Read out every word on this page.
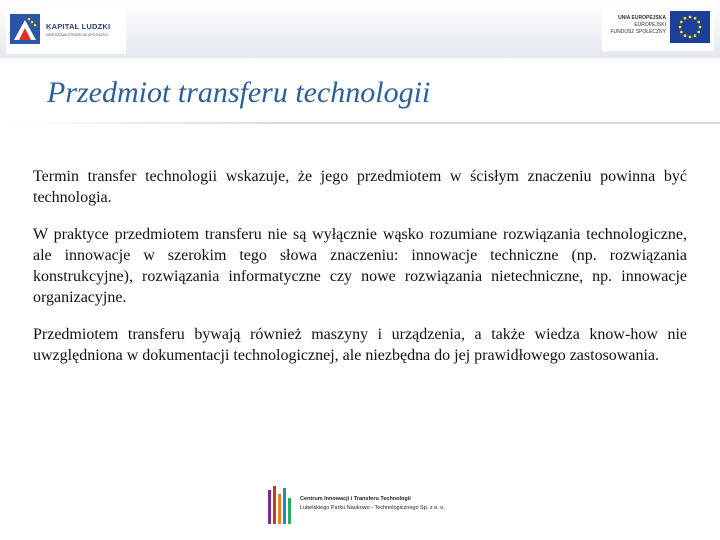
KAPITAŁ LUDZKI
NARODOWA STRATEGIA SPÓJNOŚCI
UNIA EUROPEJSKA
EUROPEJSKI
FUNDUSZ SPOŁECZNY
Przedmiot transferu technologii

Termin transfer technologii wskazuje, że jego przedmiotem w ścisłym znaczeniu powinna być technologia.

W praktyce przedmiotem transferu nie są wyłącznie wąsko rozumiane rozwiązania technologiczne, ale innowacje w szerokim tego słowa znaczeniu: innowacje techniczne (np. rozwiązania konstrukcyjne), rozwiązania informatyczne czy nowe rozwiązania nietechniczne, np. innowacje organizacyjne.

Przedmiotem transferu bywają również maszyny i urządzenia, a także wiedza know-how nie uwzględniona w dokumentacji technologicznej, ale niezbędna do jej prawidłowego zastosowania.

Centrum Innowacji i Transferu Technologii
Lubelskiego Parku Naukowo - Technologicznego Sp. z o. o.
